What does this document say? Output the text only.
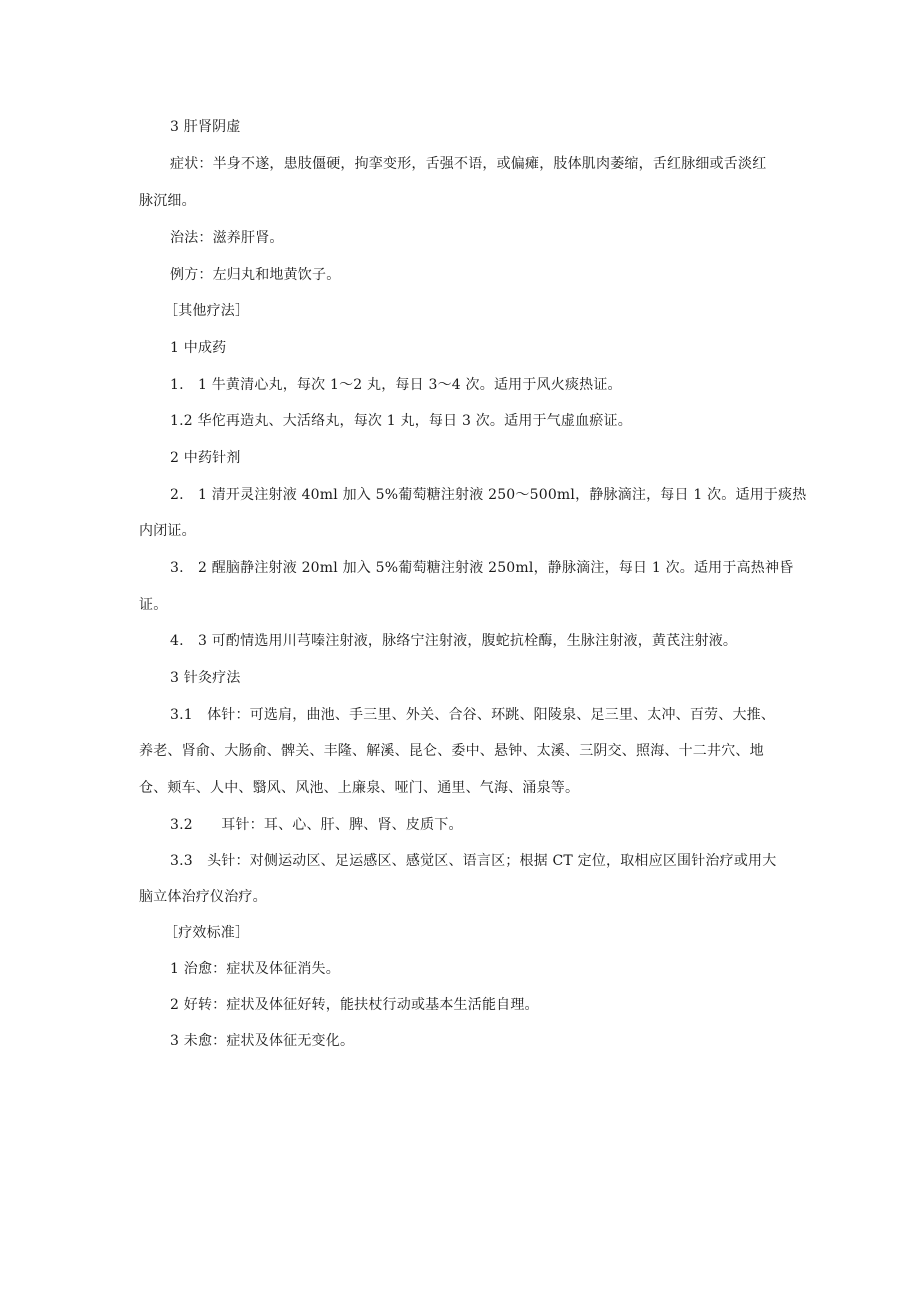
3 肝肾阴虚
症状：半身不遂，患肢僵硬，拘挛变形，舌强不语，或偏瘫，肢体肌肉萎缩，舌红脉细或舌淡红
脉沉细。
治法：滋养肝肾。
例方：左归丸和地黄饮子。
［其他疗法］
1 中成药
1.　1 牛黄清心丸，每次 1～2 丸，每日 3～4 次。适用于风火痰热证。
1.2 华佗再造丸、大活络丸，每次 1 丸，每日 3 次。适用于气虚血瘀证。
2 中药针剂
2.　1 清开灵注射液 40ml 加入 5%葡萄糖注射液 250～500ml，静脉滴注，每日 1 次。适用于痰热
内闭证。
3.　2 醒脑静注射液 20ml 加入 5%葡萄糖注射液 250ml，静脉滴注，每日 1 次。适用于高热神昏
证。
4.　3 可酌情选用川芎嗪注射液，脉络宁注射液，腹蛇抗栓酶，生脉注射液，黄芪注射液。
3 针灸疗法
3.1　体针：可选肩，曲池、手三里、外关、合谷、环跳、阳陵泉、足三里、太冲、百劳、大推、
养老、肾俞、大肠俞、髀关、丰隆、解溪、昆仑、委中、悬钟、太溪、三阴交、照海、十二井穴、地
仓、颊车、人中、翳风、风池、上廉泉、哑门、通里、气海、涌泉等。
3.2　　耳针：耳、心、肝、脾、肾、皮质下。
3.3　头针：对侧运动区、足运感区、感觉区、语言区；根据 CT 定位，取相应区围针治疗或用大
脑立体治疗仪治疗。
［疗效标准］
1 治愈：症状及体征消失。
2 好转：症状及体征好转，能扶杖行动或基本生活能自理。
3 未愈：症状及体征无变化。
